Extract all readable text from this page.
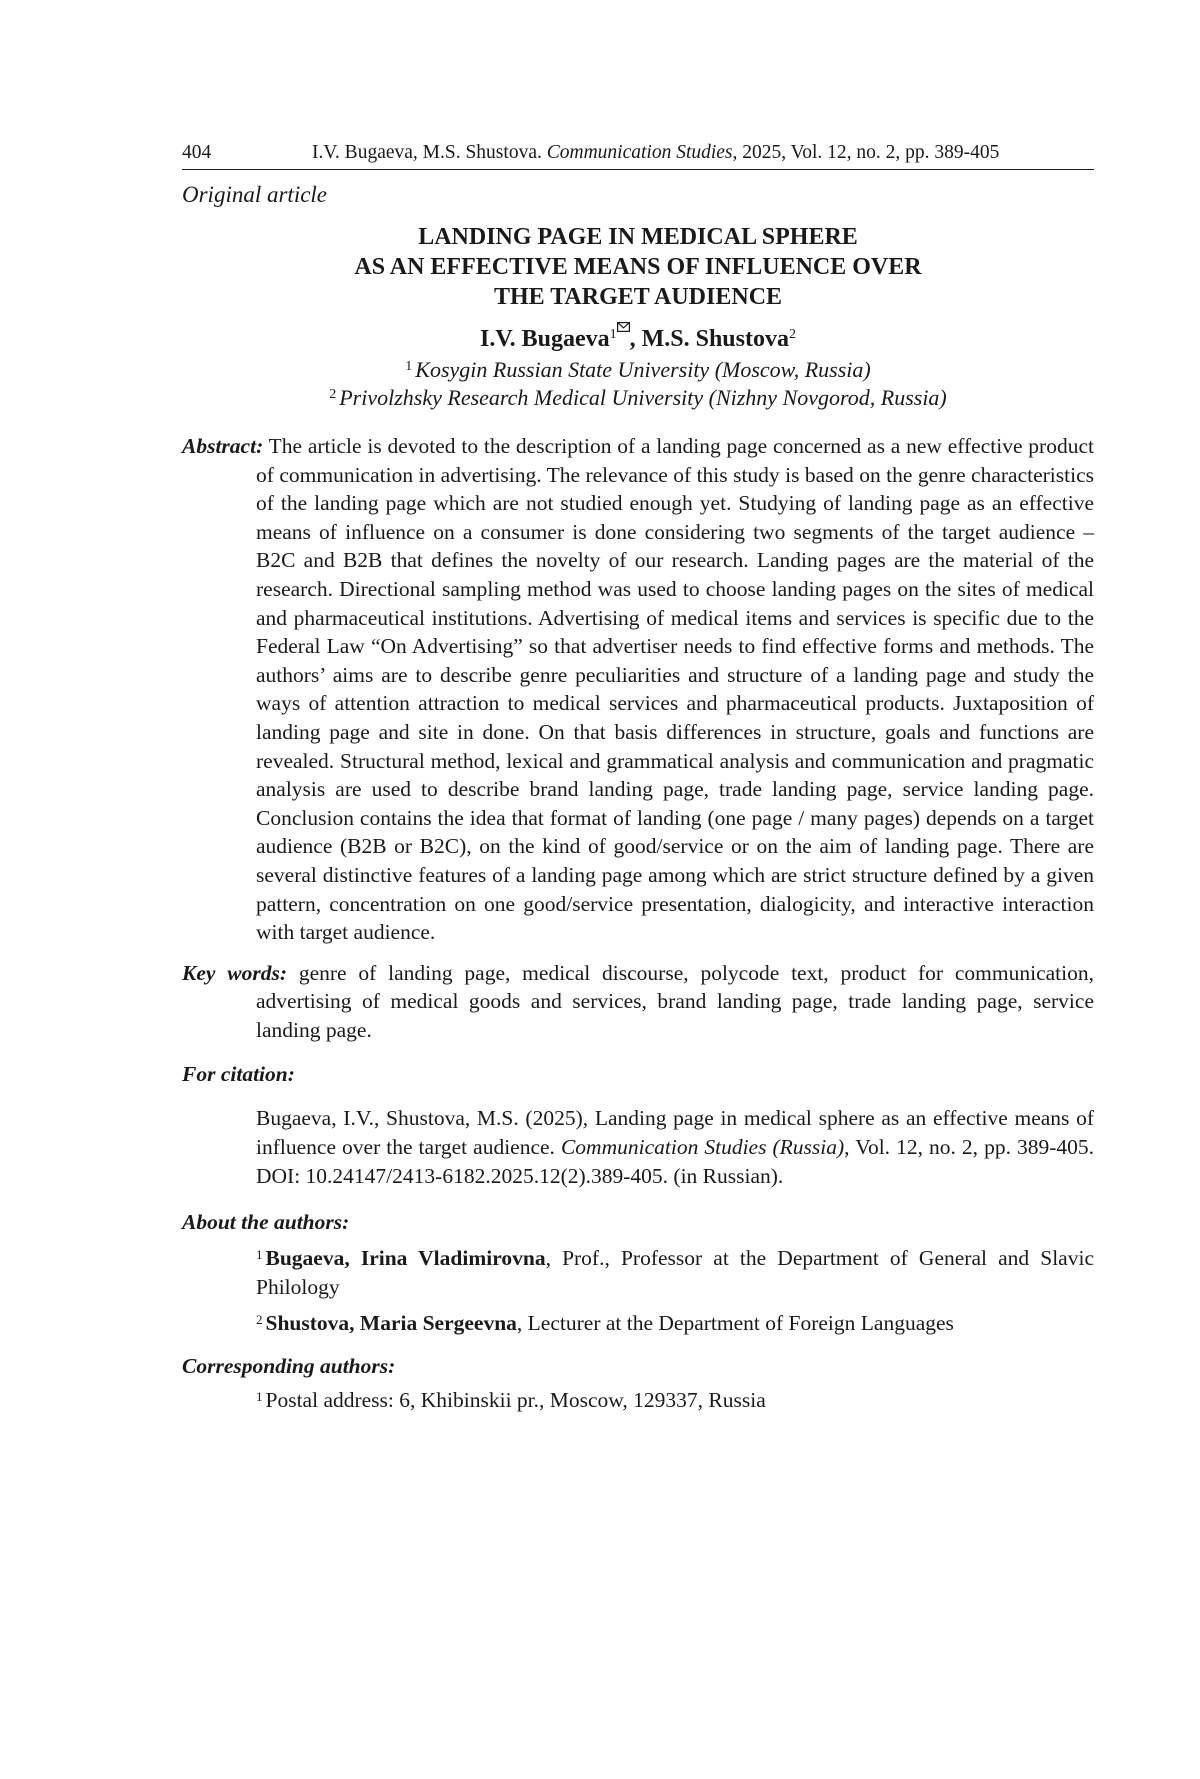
404	I.V. Bugaeva, M.S. Shustova. Communication Studies, 2025, Vol. 12, no. 2, pp. 389-405
Original article
LANDING PAGE IN MEDICAL SPHERE
AS AN EFFECTIVE MEANS OF INFLUENCE OVER
THE TARGET AUDIENCE
I.V. Bugaeva$^1$ , M.S. Shustova$^2$
$^1$ Kosygin Russian State University (Moscow, Russia)
$^2$ Privolzhsky Research Medical University (Nizhny Novgorod, Russia)
Abstract: The article is devoted to the description of a landing page concerned as a new effective product of communication in advertising. The relevance of this study is based on the genre characteristics of the landing page which are not studied enough yet. Studying of landing page as an effective means of influence on a consumer is done considering two segments of the target audience – B2C and B2B that defines the novelty of our research. Landing pages are the material of the research. Directional sampling method was used to choose landing pages on the sites of medical and pharmaceutical institutions. Advertising of medical items and services is specific due to the Federal Law “On Advertising” so that advertiser needs to find effective forms and methods. The authors’ aims are to describe genre peculiarities and structure of a landing page and study the ways of attention attraction to medical services and pharmaceutical products. Juxtaposition of landing page and site in done. On that basis differences in structure, goals and functions are revealed. Structural method, lexical and grammatical analysis and communication and pragmatic analysis are used to describe brand landing page, trade landing page, service landing page. Conclusion contains the idea that format of landing (one page / many pages) depends on a target audience (B2B or B2C), on the kind of good/service or on the aim of landing page. There are several distinctive features of a landing page among which are strict structure defined by a given pattern, concentration on one good/service presentation, dialogicity, and interactive interaction with target audience.
Key words: genre of landing page, medical discourse, polycode text, product for communication, advertising of medical goods and services, brand landing page, trade landing page, service landing page.
For citation:
Bugaeva, I.V., Shustova, M.S. (2025), Landing page in medical sphere as an effective means of influence over the target audience. Communication Studies (Russia), Vol. 12, no. 2, pp. 389-405. DOI: 10.24147/2413-6182.2025.12(2).389-405. (in Russian).
About the authors:
$^1$ Bugaeva, Irina Vladimirovna, Prof., Professor at the Department of General and Slavic Philology
$^2$ Shustova, Maria Sergeevna, Lecturer at the Department of Foreign Languages
Corresponding authors:
$^1$ Postal address: 6, Khibinskii pr., Moscow, 129337, Russia
